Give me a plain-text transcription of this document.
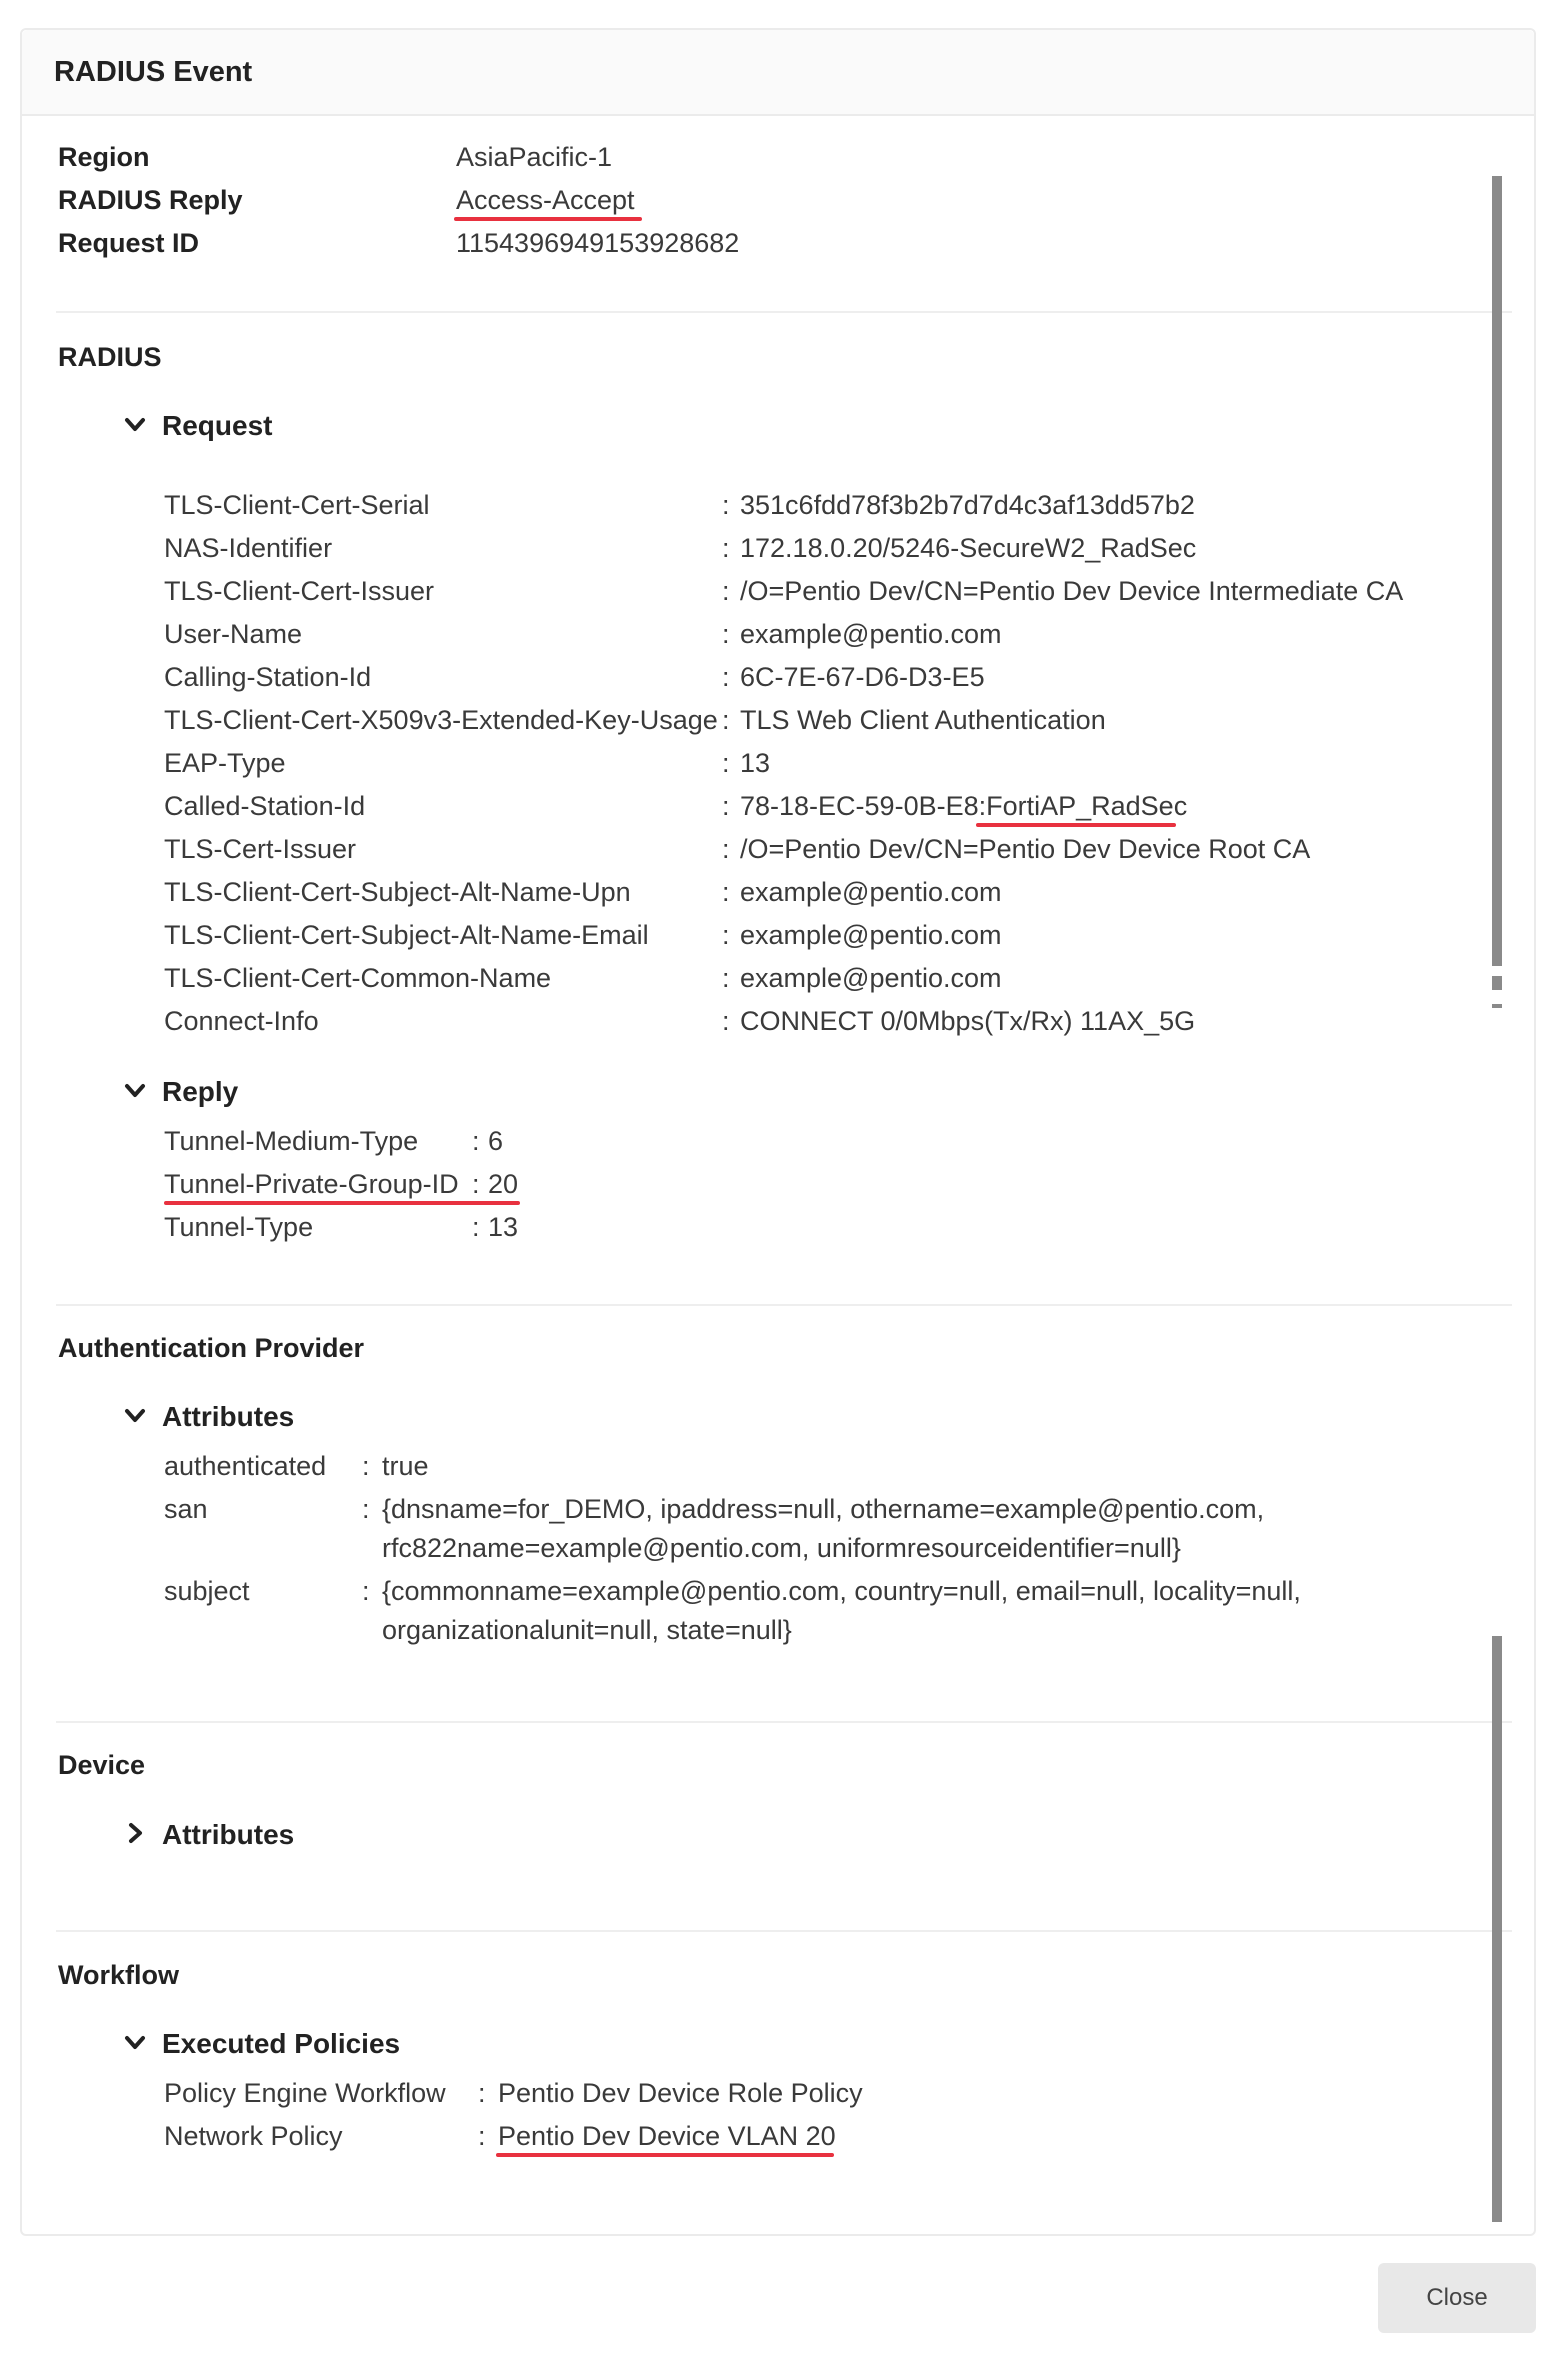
RADIUS Event
Region	AsiaPacific-1
RADIUS Reply	Access-Accept
Request ID	1154396949153928682
RADIUS
Request
TLS-Client-Cert-Serial	: 351c6fdd78f3b2b7d7d4c3af13dd57b2
NAS-Identifier	: 172.18.0.20/5246-SecureW2_RadSec
TLS-Client-Cert-Issuer	: /O=Pentio Dev/CN=Pentio Dev Device Intermediate CA
User-Name	: example@pentio.com
Calling-Station-Id	: 6C-7E-67-D6-D3-E5
TLS-Client-Cert-X509v3-Extended-Key-Usage : TLS Web Client Authentication
EAP-Type	: 13
Called-Station-Id	: 78-18-EC-59-0B-E8:FortiAP_RadSec
TLS-Cert-Issuer	: /O=Pentio Dev/CN=Pentio Dev Device Root CA
TLS-Client-Cert-Subject-Alt-Name-Upn	: example@pentio.com
TLS-Client-Cert-Subject-Alt-Name-Email	: example@pentio.com
TLS-Client-Cert-Common-Name	: example@pentio.com
Connect-Info	: CONNECT 0/0Mbps(Tx/Rx) 11AX_5G
Reply
Tunnel-Medium-Type : 6
Tunnel-Private-Group-ID : 20
Tunnel-Type	: 13
Authentication Provider
Attributes
authenticated : true
san	: {dnsname=for_DEMO, ipaddress=null, othername=example@pentio.com, rfc822name=example@pentio.com, uniformresourceidentifier=null}
subject	: {commonname=example@pentio.com, country=null, email=null, locality=null, organizationalunit=null, state=null}
Device
Attributes
Workflow
Executed Policies
Policy Engine Workflow : Pentio Dev Device Role Policy
Network Policy	: Pentio Dev Device VLAN 20
Close
